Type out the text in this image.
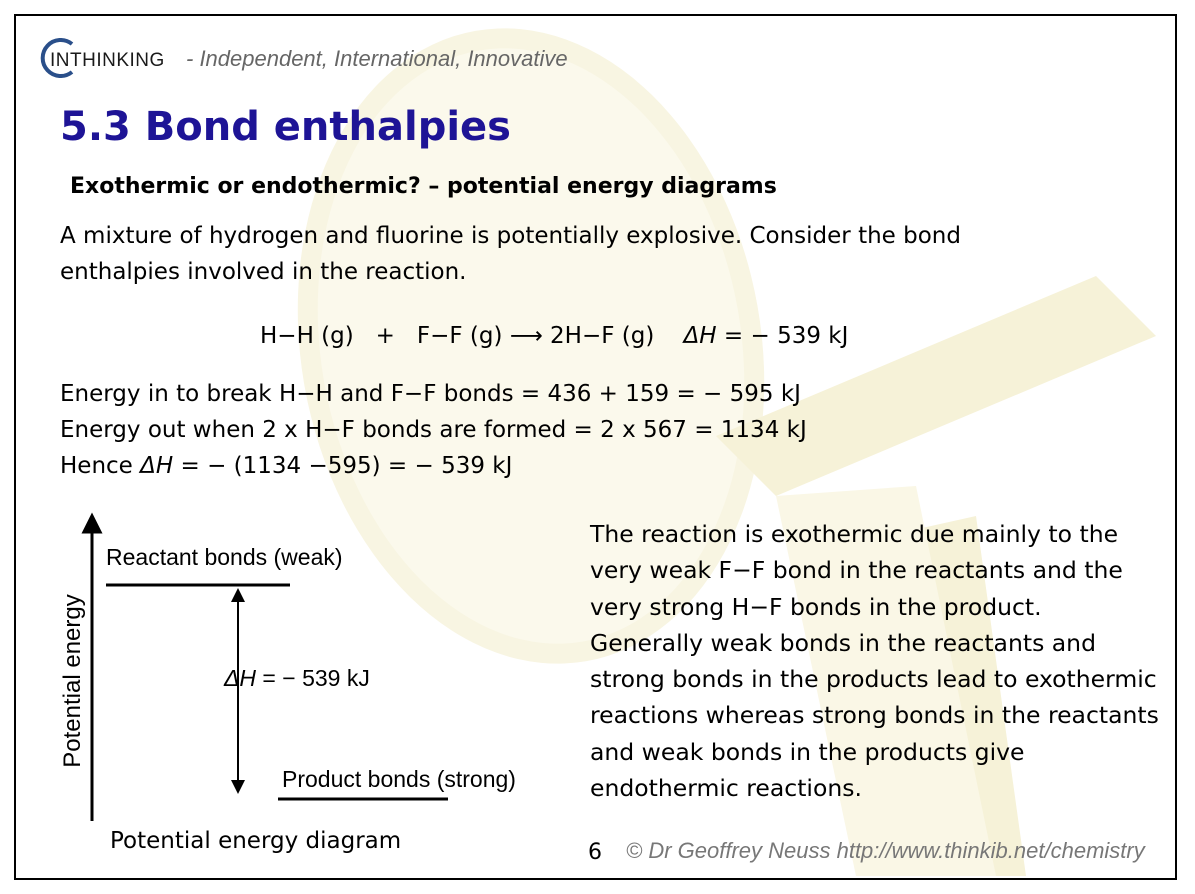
INTHINKING - Independent, International, Innovative
5.3 Bond enthalpies
Exothermic or endothermic? – potential energy diagrams

A mixture of hydrogen and fluorine is potentially explosive. Consider the bond enthalpies involved in the reaction.

H−H (g)   +   F−F (g) ⟶ 2H−F (g) ΔH = − 539 kJ
Energy in to break H−H and F−F bonds = 436 + 159 = − 595 kJ
Energy out when 2 x H−F bonds are formed = 2 x 567 = 1134 kJ
Hence ΔH = − (1134 −595) = − 539 kJ
Potential energy
Reactant bonds (weak)
ΔH = − 539 kJ
Product bonds (strong)

Potential energy diagram

The reaction is exothermic due mainly to the very weak F−F bond in the reactants and the very strong H−F bonds in the product. Generally weak bonds in the reactants and strong bonds in the products lead to exothermic reactions whereas strong bonds in the reactants and weak bonds in the products give endothermic reactions.

6 © Dr Geoffrey Neuss http://www.thinkib.net/chemistry
